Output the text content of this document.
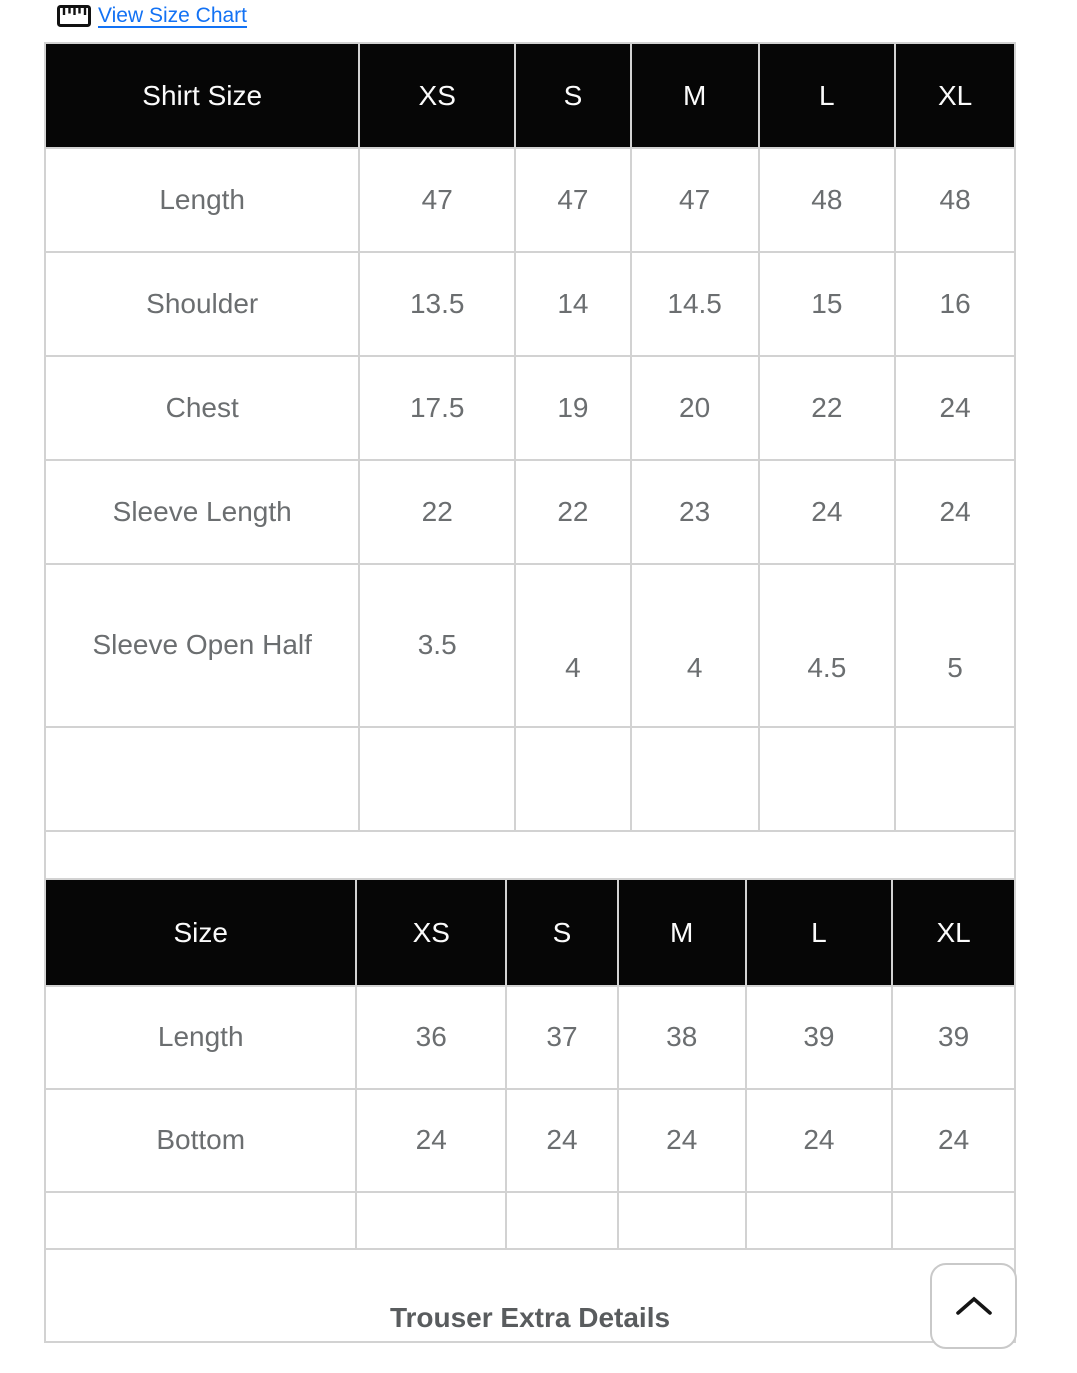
View Size Chart
Shirt Size	XS	S	M	L	XL
Length	47	47	47	48	48
Shoulder	13.5	14	14.5	15	16
Chest	17.5	19	20	22	24
Sleeve Length	22	22	23	24	24
Sleeve Open Half	3.5	4	4	4.5	5

Size	XS	S	M	L	XL
Length	36	37	38	39	39
Bottom	24	24	24	24	24

Trouser Extra Details
